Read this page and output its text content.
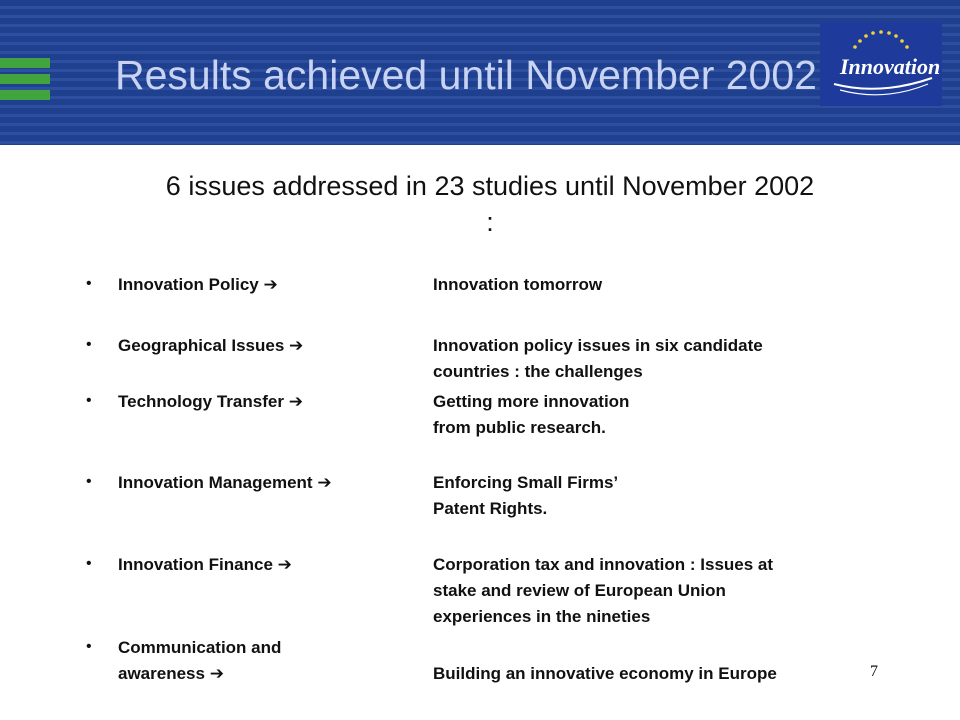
Results achieved until November 2002 Innovation
6 issues addressed in 23 studies until November 2002
:
• Innovation Policy ➔	Innovation tomorrow
• Geographical Issues ➔	Innovation policy issues in six candidate
countries : the challenges
• Technology Transfer ➔	Getting more innovation
from public research.
• Innovation Management ➔	Enforcing Small Firms’
Patent Rights.
• Innovation Finance ➔	Corporation tax and innovation : Issues at
stake and review of European Union
experiences in the nineties
• Communication and
awareness ➔	Building an innovative economy in Europe	7
